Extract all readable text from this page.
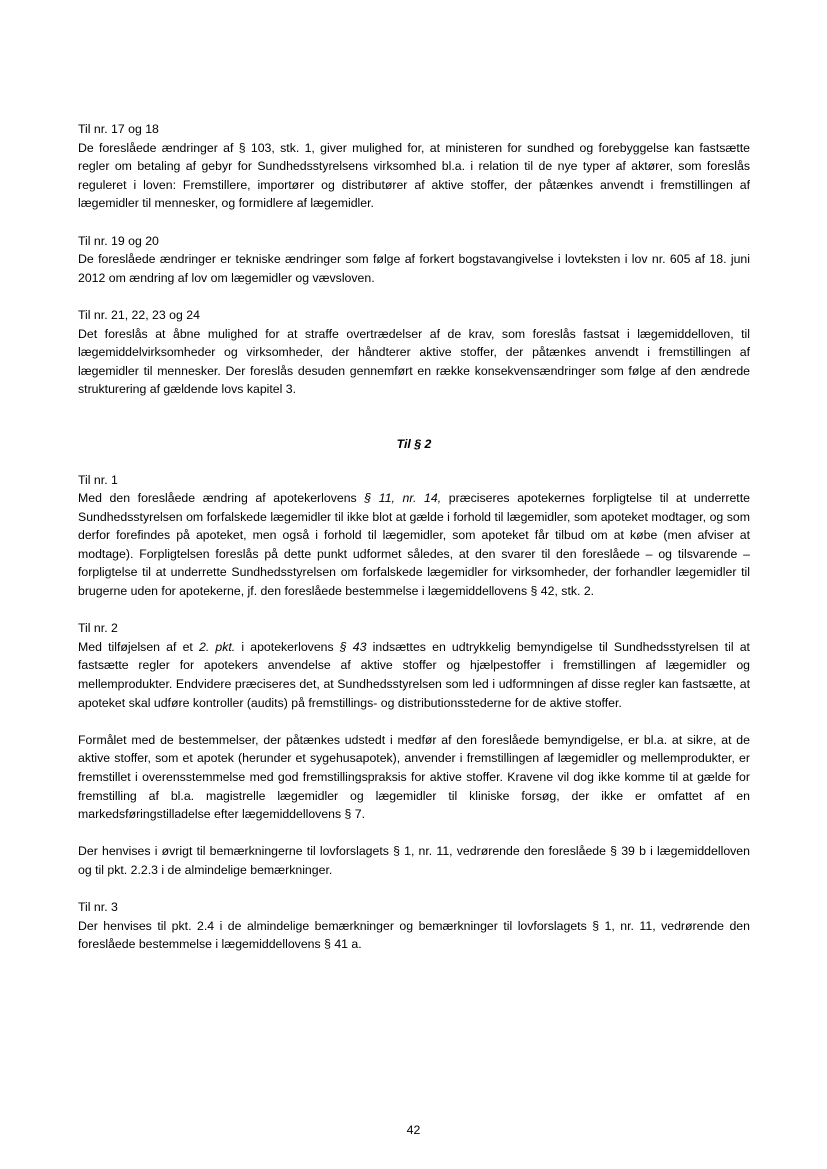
Til nr. 17 og 18
De foreslåede ændringer af § 103, stk. 1, giver mulighed for, at ministeren for sundhed og forebyggelse kan fastsætte regler om betaling af gebyr for Sundhedsstyrelsens virksomhed bl.a. i relation til de nye typer af aktører, som foreslås reguleret i loven: Fremstillere, importører og distributører af aktive stoffer, der påtænkes anvendt i fremstillingen af lægemidler til mennesker, og formidlere af lægemidler.
Til nr. 19 og 20
De foreslåede ændringer er tekniske ændringer som følge af forkert bogstavangivelse i lovteksten i lov nr. 605 af 18. juni 2012 om ændring af lov om lægemidler og vævsloven.
Til nr. 21, 22, 23 og 24
Det foreslås at åbne mulighed for at straffe overtrædelser af de krav, som foreslås fastsat i lægemiddelloven, til lægemiddelvirksomheder og virksomheder, der håndterer aktive stoffer, der påtænkes anvendt i fremstillingen af lægemidler til mennesker. Der foreslås desuden gennemført en række konsekvensændringer som følge af den ændrede strukturering af gældende lovs kapitel 3.
Til § 2
Til nr. 1
Med den foreslåede ændring af apotekerlovens § 11, nr. 14, præciseres apotekernes forpligtelse til at underrette Sundhedsstyrelsen om forfalskede lægemidler til ikke blot at gælde i forhold til lægemidler, som apoteket modtager, og som derfor forefindes på apoteket, men også i forhold til lægemidler, som apoteket får tilbud om at købe (men afviser at modtage). Forpligtelsen foreslås på dette punkt udformet således, at den svarer til den foreslåede – og tilsvarende – forpligtelse til at underrette Sundhedsstyrelsen om forfalskede lægemidler for virksomheder, der forhandler lægemidler til brugerne uden for apotekerne, jf. den foreslåede bestemmelse i lægemiddellovens § 42, stk. 2.
Til nr. 2
Med tilføjelsen af et 2. pkt. i apotekerlovens § 43 indsættes en udtrykkelig bemyndigelse til Sundhedsstyrelsen til at fastsætte regler for apotekers anvendelse af aktive stoffer og hjælpestoffer i fremstillingen af lægemidler og mellemprodukter. Endvidere præciseres det, at Sundhedsstyrelsen som led i udformningen af disse regler kan fastsætte, at apoteket skal udføre kontroller (audits) på fremstillings- og distributionsstederne for de aktive stoffer.
Formålet med de bestemmelser, der påtænkes udstedt i medfør af den foreslåede bemyndigelse, er bl.a. at sikre, at de aktive stoffer, som et apotek (herunder et sygehusapotek), anvender i fremstillingen af lægemidler og mellemprodukter, er fremstillet i overensstemmelse med god fremstillingspraksis for aktive stoffer. Kravene vil dog ikke komme til at gælde for fremstilling af bl.a. magistrelle lægemidler og lægemidler til kliniske forsøg, der ikke er omfattet af en markedsføringstilladelse efter lægemiddellovens § 7.
Der henvises i øvrigt til bemærkningerne til lovforslagets § 1, nr. 11, vedrørende den foreslåede § 39 b i lægemiddelloven og til pkt. 2.2.3 i de almindelige bemærkninger.
Til nr. 3
Der henvises til pkt. 2.4 i de almindelige bemærkninger og bemærkninger til lovforslagets § 1, nr. 11, vedrørende den foreslåede bestemmelse i lægemiddellovens § 41 a.
42
